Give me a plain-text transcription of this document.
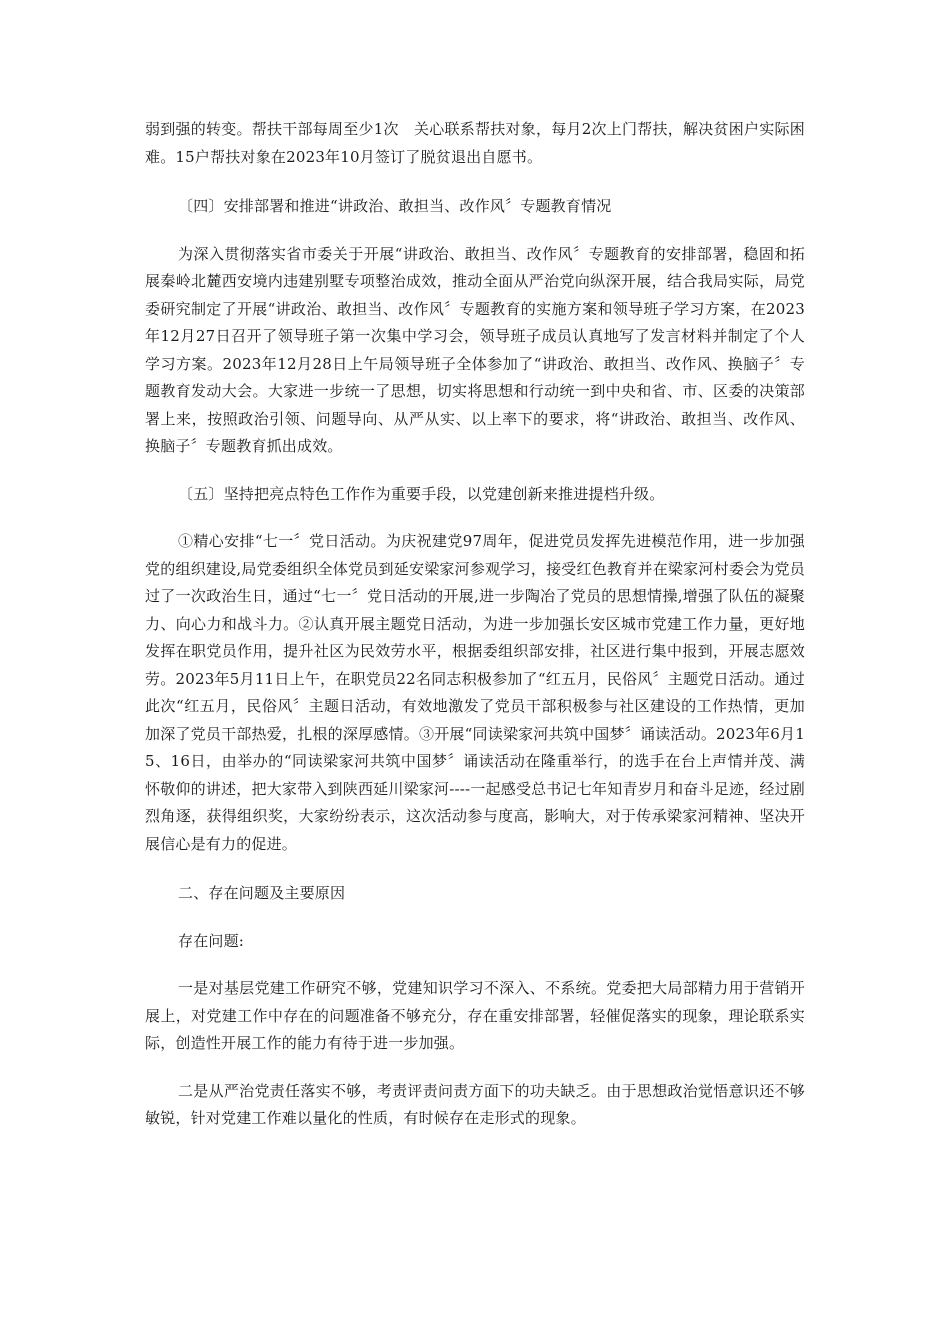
弱到强的转变。帮扶干部每周至少1次　关心联系帮扶对象，每月2次上门帮扶，解决贫困户实际困难。15户帮扶对象在2023年10月签订了脱贫退出自愿书。

〔四〕安排部署和推进“讲政治、敢担当、改作风〞专题教育情况

为深入贯彻落实省市委关于开展“讲政治、敢担当、改作风〞专题教育的安排部署，稳固和拓展秦岭北麓西安境内违建别墅专项整治成效，推动全面从严治党向纵深开展，结合我局实际，局党委研究制定了开展“讲政治、敢担当、改作风〞专题教育的实施方案和领导班子学习方案，在2023年12月27日召开了领导班子第一次集中学习会，领导班子成员认真地写了发言材料并制定了个人学习方案。2023年12月28日上午局领导班子全体参加了“讲政治、敢担当、改作风、换脑子〞专题教育发动大会。大家进一步统一了思想，切实将思想和行动统一到中央和省、市、区委的决策部署上来，按照政治引领、问题导向、从严从实、以上率下的要求，将“讲政治、敢担当、改作风、换脑子〞专题教育抓出成效。

〔五〕坚持把亮点特色工作作为重要手段，以党建创新来推进提档升级。

①精心安排“七一〞党日活动。为庆祝建党97周年，促进党员发挥先进模范作用，进一步加强党的组织建设,局党委组织全体党员到延安梁家河参观学习，接受红色教育并在梁家河村委会为党员过了一次政治生日，通过“七一〞党日活动的开展,进一步陶冶了党员的思想情操,增强了队伍的凝聚力、向心力和战斗力。②认真开展主题党日活动，为进一步加强长安区城市党建工作力量，更好地发挥在职党员作用，提升社区为民效劳水平，根据委组织部安排，社区进行集中报到，开展志愿效劳。2023年5月11日上午，在职党员22名同志积极参加了“红五月，民俗风〞主题党日活动。通过此次“红五月，民俗风〞主题日活动，有效地激发了党员干部积极参与社区建设的工作热情，更加加深了党员干部热爱，扎根的深厚感情。③开展“同读梁家河共筑中国梦〞诵读活动。2023年6月15、16日，由举办的“同读梁家河共筑中国梦〞诵读活动在隆重举行，的选手在台上声情并茂、满怀敬仰的讲述，把大家带入到陕西延川梁家河----一起感受总书记七年知青岁月和奋斗足迹，经过剧烈角逐，获得组织奖，大家纷纷表示，这次活动参与度高，影响大，对于传承梁家河精神、坚决开展信心是有力的促进。

二、存在问题及主要原因

存在问题:

一是对基层党建工作研究不够，党建知识学习不深入、不系统。党委把大局部精力用于营销开展上，对党建工作中存在的问题准备不够充分，存在重安排部署，轻催促落实的现象，理论联系实际，创造性开展工作的能力有待于进一步加强。

二是从严治党责任落实不够，考责评责问责方面下的功夫缺乏。由于思想政治觉悟意识还不够敏锐，针对党建工作难以量化的性质，有时候存在走形式的现象。
